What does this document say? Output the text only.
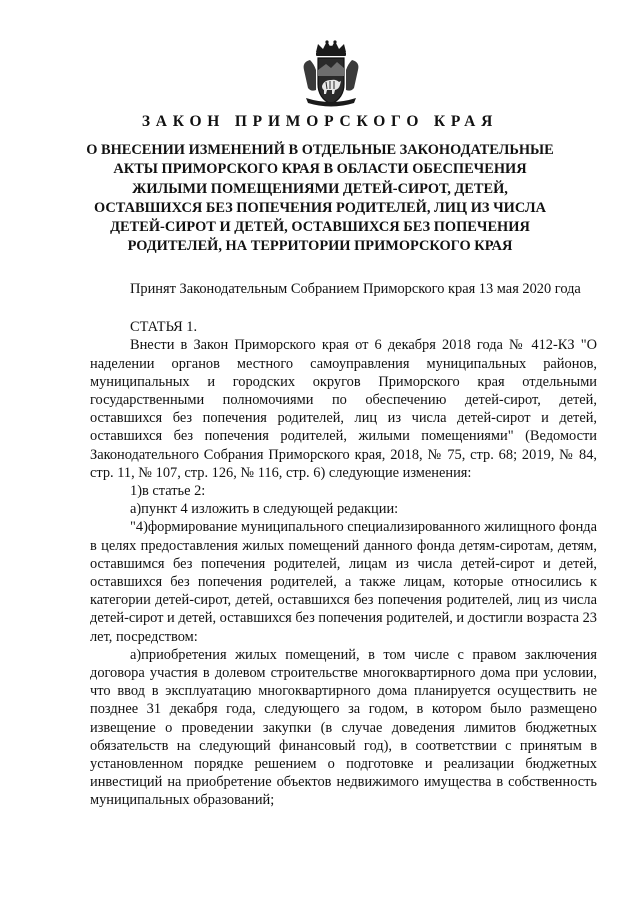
ЗАКОН ПРИМОРСКОГО КРАЯ
О ВНЕСЕНИИ ИЗМЕНЕНИЙ В ОТДЕЛЬНЫЕ ЗАКОНОДАТЕЛЬНЫЕ АКТЫ ПРИМОРСКОГО КРАЯ В ОБЛАСТИ ОБЕСПЕЧЕНИЯ ЖИЛЫМИ ПОМЕЩЕНИЯМИ ДЕТЕЙ-СИРОТ, ДЕТЕЙ, ОСТАВШИХСЯ БЕЗ ПОПЕЧЕНИЯ РОДИТЕЛЕЙ, ЛИЦ ИЗ ЧИСЛА ДЕТЕЙ-СИРОТ И ДЕТЕЙ, ОСТАВШИХСЯ БЕЗ ПОПЕЧЕНИЯ РОДИТЕЛЕЙ, НА ТЕРРИТОРИИ ПРИМОРСКОГО КРАЯ

Принят Законодательным Собранием Приморского края 13 мая 2020 года

СТАТЬЯ 1.

Внести в Закон Приморского края от 6 декабря 2018 года № 412-КЗ "О наделении органов местного самоуправления муниципальных районов, муниципальных и городских округов Приморского края отдельными государственными полномочиями по обеспечению детей-сирот, детей, оставшихся без попечения родителей, лиц из числа детей-сирот и детей, оставшихся без попечения родителей, жилыми помещениями" (Ведомости Законодательного Собрания Приморского края, 2018, № 75, стр. 68; 2019, № 84, стр. 11, № 107, стр. 126, № 116, стр. 6) следующие изменения:

1)в статье 2:

а)пункт 4 изложить в следующей редакции:

"4)формирование муниципального специализированного жилищного фонда в целях предоставления жилых помещений данного фонда детям-сиротам, детям, оставшимся без попечения родителей, лицам из числа детей-сирот и детей, оставшихся без попечения родителей, а также лицам, которые относились к категории детей-сирот, детей, оставшихся без попечения родителей, лиц из числа детей-сирот и детей, оставшихся без попечения родителей, и достигли возраста 23 лет, посредством:

а)приобретения жилых помещений, в том числе с правом заключения договора участия в долевом строительстве многоквартирного дома при условии, что ввод в эксплуатацию многоквартирного дома планируется осуществить не позднее 31 декабря года, следующего за годом, в котором было размещено извещение о проведении закупки (в случае доведения лимитов бюджетных обязательств на следующий финансовый год), в соответствии с принятым в установленном порядке решением о подготовке и реализации бюджетных инвестиций на приобретение объектов недвижимого имущества в собственность муниципальных образований;
